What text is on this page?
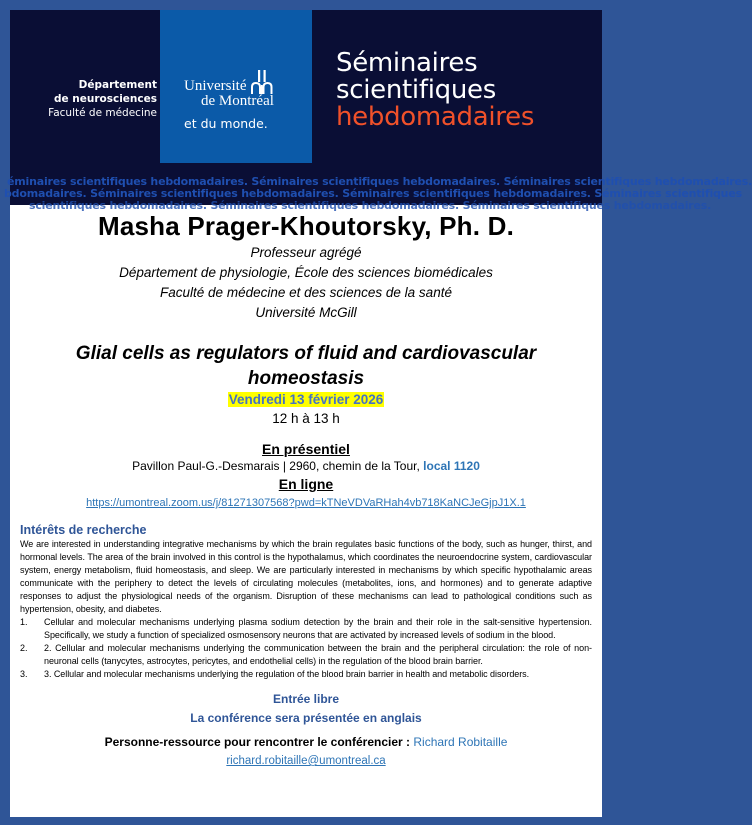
Département
de neurosciences
Faculté de médecine
Université
de Montréal
et du monde.
Séminaires
scientifiques
hebdomadaires
éminaires scientifiques hebdomadaires. Séminaires scientifiques hebdomadaires. Séminaires scientifiques hebdomadaires.
bdomadaires. Séminaires scientifiques hebdomadaires. Séminaires scientifiques hebdomadaires. Séminaires scientifiques
scientifiques hebdomadaires. Séminaires scientifiques hebdomadaires. Séminaires scientifiques hebdomadaires.
Masha Prager-Khoutorsky, Ph. D.
Professeur agrégé
Département de physiologie, École des sciences biomédicales
Faculté de médecine et des sciences de la santé
Université McGill
Glial cells as regulators of fluid and cardiovascular homeostasis
Vendredi 13 février 2026
12 h à 13 h
En présentiel
Pavillon Paul-G.-Desmarais | 2960, chemin de la Tour, local 1120
En ligne
https://umontreal.zoom.us/j/81271307568?pwd=kTNeVDVaRHah4vb718KaNCJeGjpJ1X.1
Intérêts de recherche

We are interested in understanding integrative mechanisms by which the brain regulates basic functions of the body, such as hunger, thirst, and hormonal levels. The area of the brain involved in this control is the hypothalamus, which coordinates the neuroendocrine system, cardiovascular system, energy metabolism, fluid homeostasis, and sleep. We are particularly interested in mechanisms by which specific hypothalamic areas communicate with the periphery to detect the levels of circulating molecules (metabolites, ions, and hormones) and to generate adaptive responses to adjust the physiological needs of the organism. Disruption of these mechanisms can lead to pathological conditions such as hypertension, obesity, and diabetes.

1. Cellular and molecular mechanisms underlying plasma sodium detection by the brain and their role in the salt-sensitive hypertension. Specifically, we study a function of specialized osmosensory neurons that are activated by increased levels of sodium in the blood.
2. 2. Cellular and molecular mechanisms underlying the communication between the brain and the peripheral circulation: the role of non-neuronal cells (tanycytes, astrocytes, pericytes, and endothelial cells) in the regulation of the blood brain barrier.
3. 3. Cellular and molecular mechanisms underlying the regulation of the blood brain barrier in health and metabolic disorders.
Entrée libre
La conférence sera présentée en anglais
Personne-ressource pour rencontrer le conférencier : Richard Robitaille
richard.robitaille@umontreal.ca
